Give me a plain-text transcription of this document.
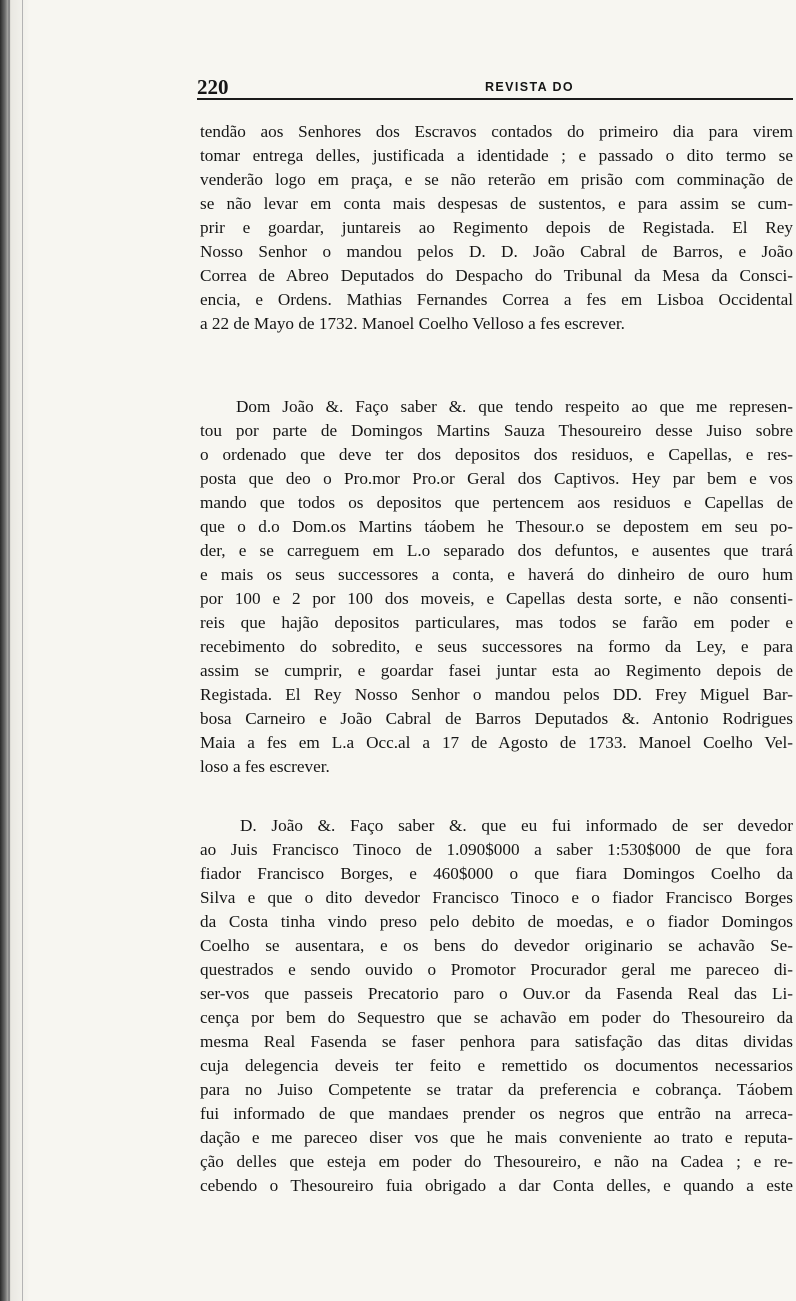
220	REVISTA DO
tendão aos Senhores dos Escravos contados do primeiro dia para virem
tomar entrega delles, justificada a identidade ; e passado o dito termo se
venderão logo em praça, e se não reterão em prisão com comminação de
se não levar em conta mais despesas de sustentos, e para assim se cum-
prir e goardar, juntareis ao Regimento depois de Registada. El Rey
Nosso Senhor o mandou pelos D. D. João Cabral de Barros, e João
Correa de Abreo Deputados do Despacho do Tribunal da Mesa da Consci-
encia, e Ordens. Mathias Fernandes Correa a fes em Lisboa Occidental
a 22 de Mayo de 1732. Manoel Coelho Velloso a fes escrever.
Dom João &. Faço saber &. que tendo respeito ao que me represen-
tou por parte de Domingos Martins Sauza Thesoureiro desse Juiso sobre
o ordenado que deve ter dos depositos dos residuos, e Capellas, e res-
posta que deo o Pro.mor Pro.or Geral dos Captivos. Hey par bem e vos
mando que todos os depositos que pertencem aos residuos e Capellas de
que o d.o Dom.os Martins táobem he Thesour.o se depostem em seu po-
der, e se carreguem em L.o separado dos defuntos, e ausentes que trará
e mais os seus successores a conta, e haverá do dinheiro de ouro hum
por 100 e 2 por 100 dos moveis, e Capellas desta sorte, e não consenti-
reis que hajão depositos particulares, mas todos se farão em poder e
recebimento do sobredito, e seus successores na formo da Ley, e para
assim se cumprir, e goardar fasei juntar esta ao Regimento depois de
Registada. El Rey Nosso Senhor o mandou pelos DD. Frey Miguel Bar-
bosa Carneiro e João Cabral de Barros Deputados &. Antonio Rodrigues
Maia a fes em L.a Occ.al a 17 de Agosto de 1733. Manoel Coelho Vel-
loso a fes escrever.
D. João &. Faço saber &. que eu fui informado de ser devedor
ao Juis Francisco Tinoco de 1.090$000 a saber 1:530$000 de que fora
fiador Francisco Borges, e 460$000 o que fiara Domingos Coelho da
Silva e que o dito devedor Francisco Tinoco e o fiador Francisco Borges
da Costa tinha vindo preso pelo debito de moedas, e o fiador Domingos
Coelho se ausentara, e os bens do devedor originario se achavão Se-
questrados e sendo ouvido o Promotor Procurador geral me pareceo di-
ser-vos que passeis Precatorio paro o Ouv.or da Fasenda Real das Li-
cença por bem do Sequestro que se achavão em poder do Thesoureiro da
mesma Real Fasenda se faser penhora para satisfação das ditas dividas
cuja delegencia deveis ter feito e remettido os documentos necessarios
para no Juiso Competente se tratar da preferencia e cobrança. Táobem
fui informado de que mandaes prender os negros que entrão na arreca-
dação e me pareceo diser vos que he mais conveniente ao trato e reputa-
ção delles que esteja em poder do Thesoureiro, e não na Cadea ; e re-
cebendo o Thesoureiro fuia obrigado a dar Conta delles, e quando a este
